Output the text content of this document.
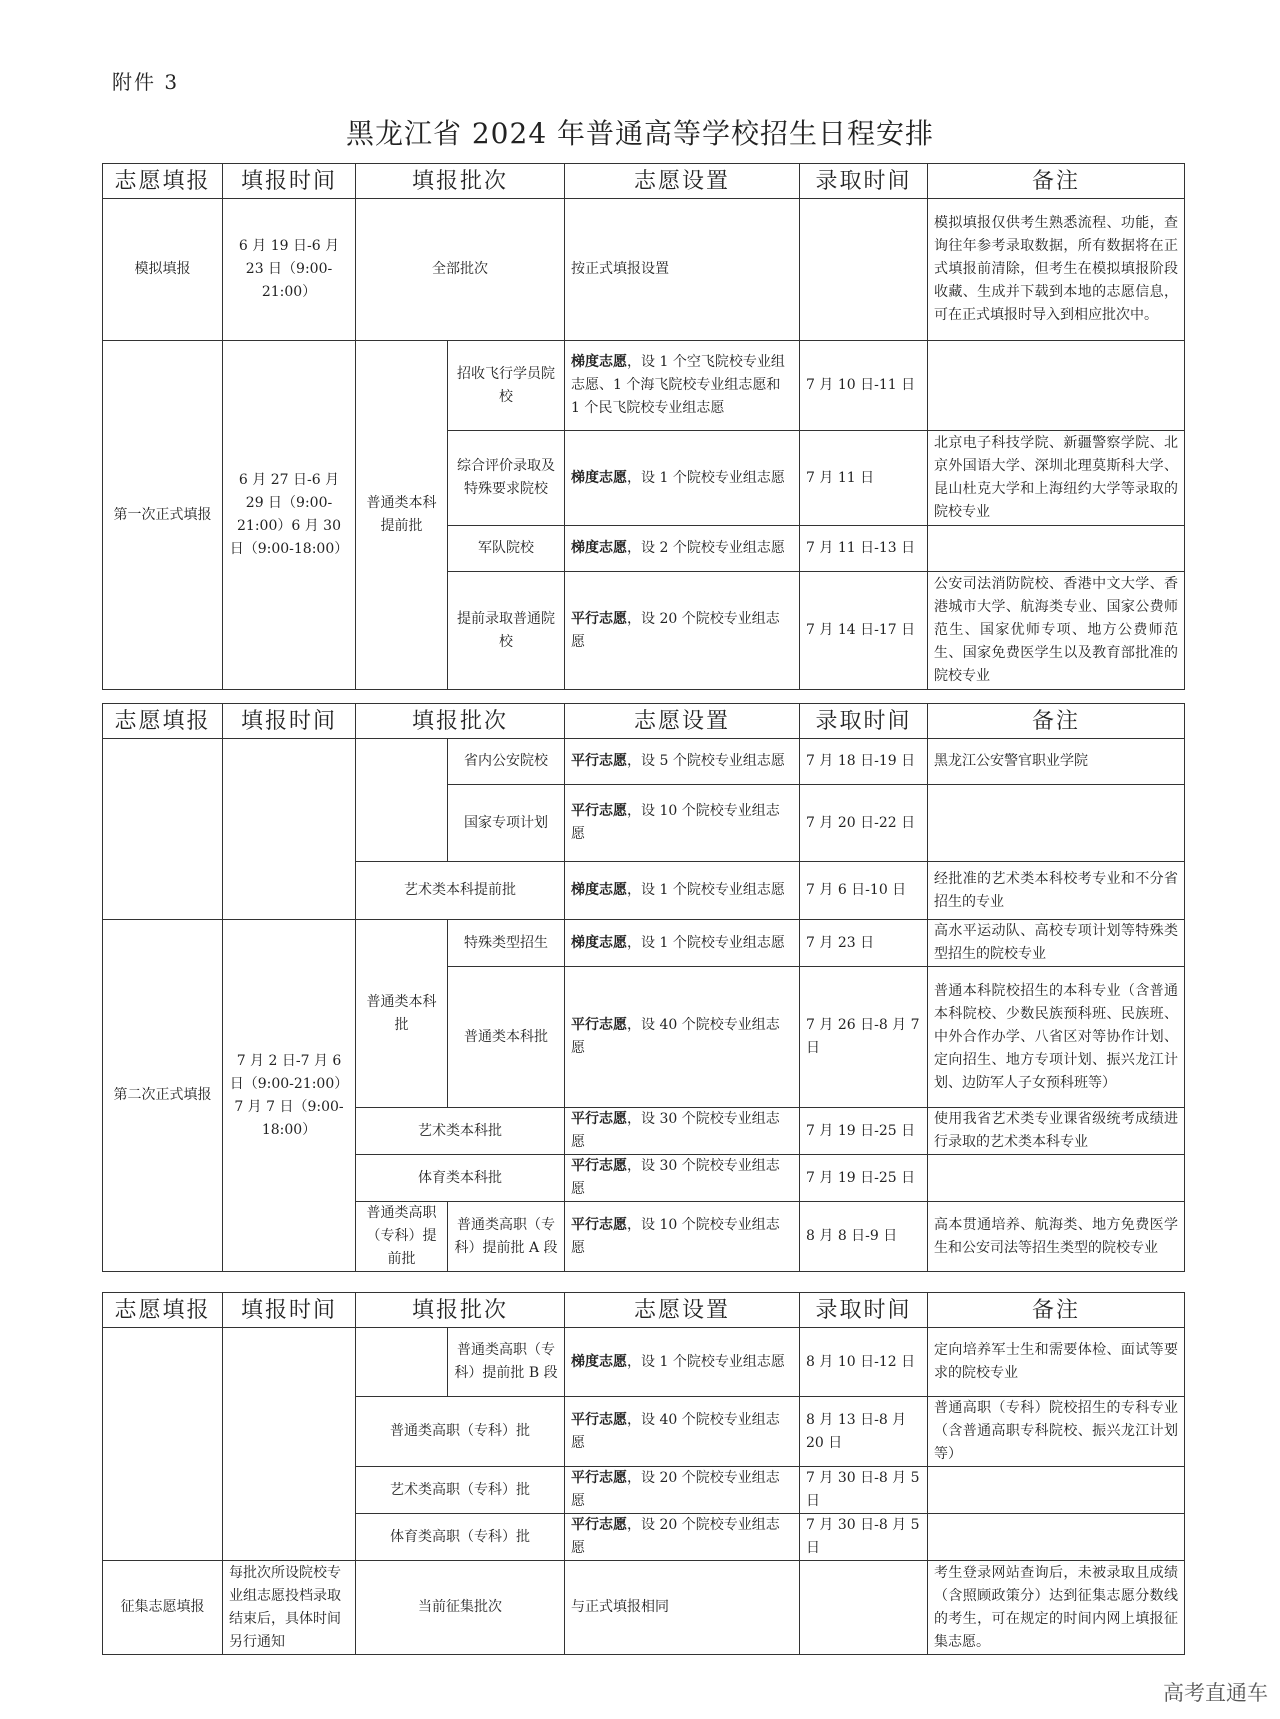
附件 3
黑龙江省 2024 年普通高等学校招生日程安排
志愿填报	填报时间	填报批次		志愿设置	录取时间	备注
模拟填报	6 月 19 日-6 月 23 日（9:00-21:00）	全部批次		按正式填报设置		模拟填报仅供考生熟悉流程、功能，查询往年参考录取数据，所有数据将在正式填报前清除，但考生在模拟填报阶段收藏、生成并下载到本地的志愿信息，可在正式填报时导入到相应批次中。
第一次正式填报	6 月 27 日-6 月 29 日（9:00-21:00）6 月 30 日（9:00-18:00）	普通类本科提前批	招收飞行学员院校	梯度志愿，设 1 个空飞院校专业组志愿、1 个海飞院校专业组志愿和 1 个民飞院校专业组志愿	7 月 10 日-11 日	
			综合评价录取及特殊要求院校	梯度志愿，设 1 个院校专业组志愿	7 月 11 日	北京电子科技学院、新疆警察学院、北京外国语大学、深圳北理莫斯科大学、昆山杜克大学和上海纽约大学等录取的院校专业
			军队院校	梯度志愿，设 2 个院校专业组志愿	7 月 11 日-13 日	
			提前录取普通院校	平行志愿，设 20 个院校专业组志愿	7 月 14 日-17 日	公安司法消防院校、香港中文大学、香港城市大学、航海类专业、国家公费师范生、国家优师专项、地方公费师范生、国家免费医学生以及教育部批准的院校专业
志愿填报	填报时间	填报批次		志愿设置	录取时间	备注
			省内公安院校	平行志愿，设 5 个院校专业组志愿	7 月 18 日-19 日	黑龙江公安警官职业学院
			国家专项计划	平行志愿，设 10 个院校专业组志愿	7 月 20 日-22 日	
		艺术类本科提前批		梯度志愿，设 1 个院校专业组志愿	7 月 6 日-10 日	经批准的艺术类本科校考专业和不分省招生的专业
第二次正式填报	7 月 2 日-7 月 6 日（9:00-21:00）7 月 7 日（9:00-18:00）	普通类本科批	特殊类型招生	梯度志愿，设 1 个院校专业组志愿	7 月 23 日	高水平运动队、高校专项计划等特殊类型招生的院校专业
			普通类本科批	平行志愿，设 40 个院校专业组志愿	7 月 26 日-8 月 7 日	普通本科院校招生的本科专业（含普通本科院校、少数民族预科班、民族班、中外合作办学、八省区对等协作计划、定向招生、地方专项计划、振兴龙江计划、边防军人子女预科班等）
		艺术类本科批		平行志愿，设 30 个院校专业组志愿	7 月 19 日-25 日	使用我省艺术类专业课省级统考成绩进行录取的艺术类本科专业
		体育类本科批		平行志愿，设 30 个院校专业组志愿	7 月 19 日-25 日	
		普通类高职（专科）提前批	普通类高职（专科）提前批 A 段	平行志愿，设 10 个院校专业组志愿	8 月 8 日-9 日	高本贯通培养、航海类、地方免费医学生和公安司法等招生类型的院校专业
志愿填报	填报时间	填报批次		志愿设置	录取时间	备注
			普通类高职（专科）提前批 B 段	梯度志愿，设 1 个院校专业组志愿	8 月 10 日-12 日	定向培养军士生和需要体检、面试等要求的院校专业
		普通类高职（专科）批		平行志愿，设 40 个院校专业组志愿	8 月 13 日-8 月 20 日	普通高职（专科）院校招生的专科专业（含普通高职专科院校、振兴龙江计划等）
		艺术类高职（专科）批		平行志愿，设 20 个院校专业组志愿	7 月 30 日-8 月 5 日	
		体育类高职（专科）批		平行志愿，设 20 个院校专业组志愿	7 月 30 日-8 月 5 日	
征集志愿填报	每批次所设院校专业组志愿投档录取结束后，具体时间另行通知	当前征集批次		与正式填报相同		考生登录网站查询后，未被录取且成绩（含照顾政策分）达到征集志愿分数线的考生，可在规定的时间内网上填报征集志愿。
高考直通车
